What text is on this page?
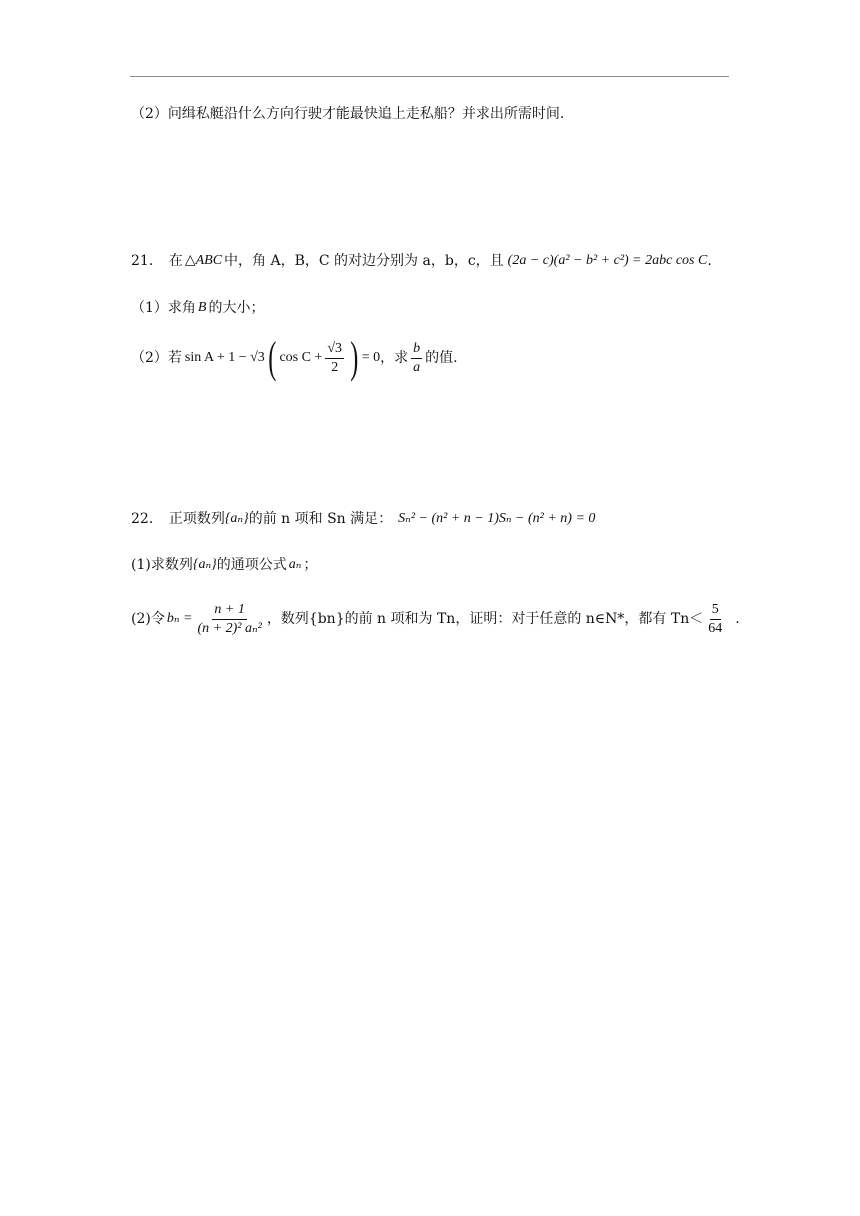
（2）问缉私艇沿什么方向行驶才能最快追上走私船？并求出所需时间.
21． 在 △ABC 中，角 A，B，C 的对边分别为 a，b，c，且 (2a − c)(a² − b² + c²) = 2abc cos C .
（1）求角 B 的大小；
（2）若 sin A + 1 − √3 ( $\cos C + \frac{√3}{2}$ ) = 0 ，求 $\frac{b}{a}$ 的值.
22． 正项数列 {aₙ} 的前 n 项和 Sn 满足： Sₙ² − (n² + n − 1)Sₙ − (n² + n) = 0
(1)求数列 {aₙ} 的通项公式 aₙ ；
(2)令 $b_n = \frac{n + 1}{\text{(n + 2)² aₙ²}}$ ，数列{bn}的前 n 项和为 Tn，证明：对于任意的 n∈N*，都有 $Tn< \frac{5}{64}$ .
